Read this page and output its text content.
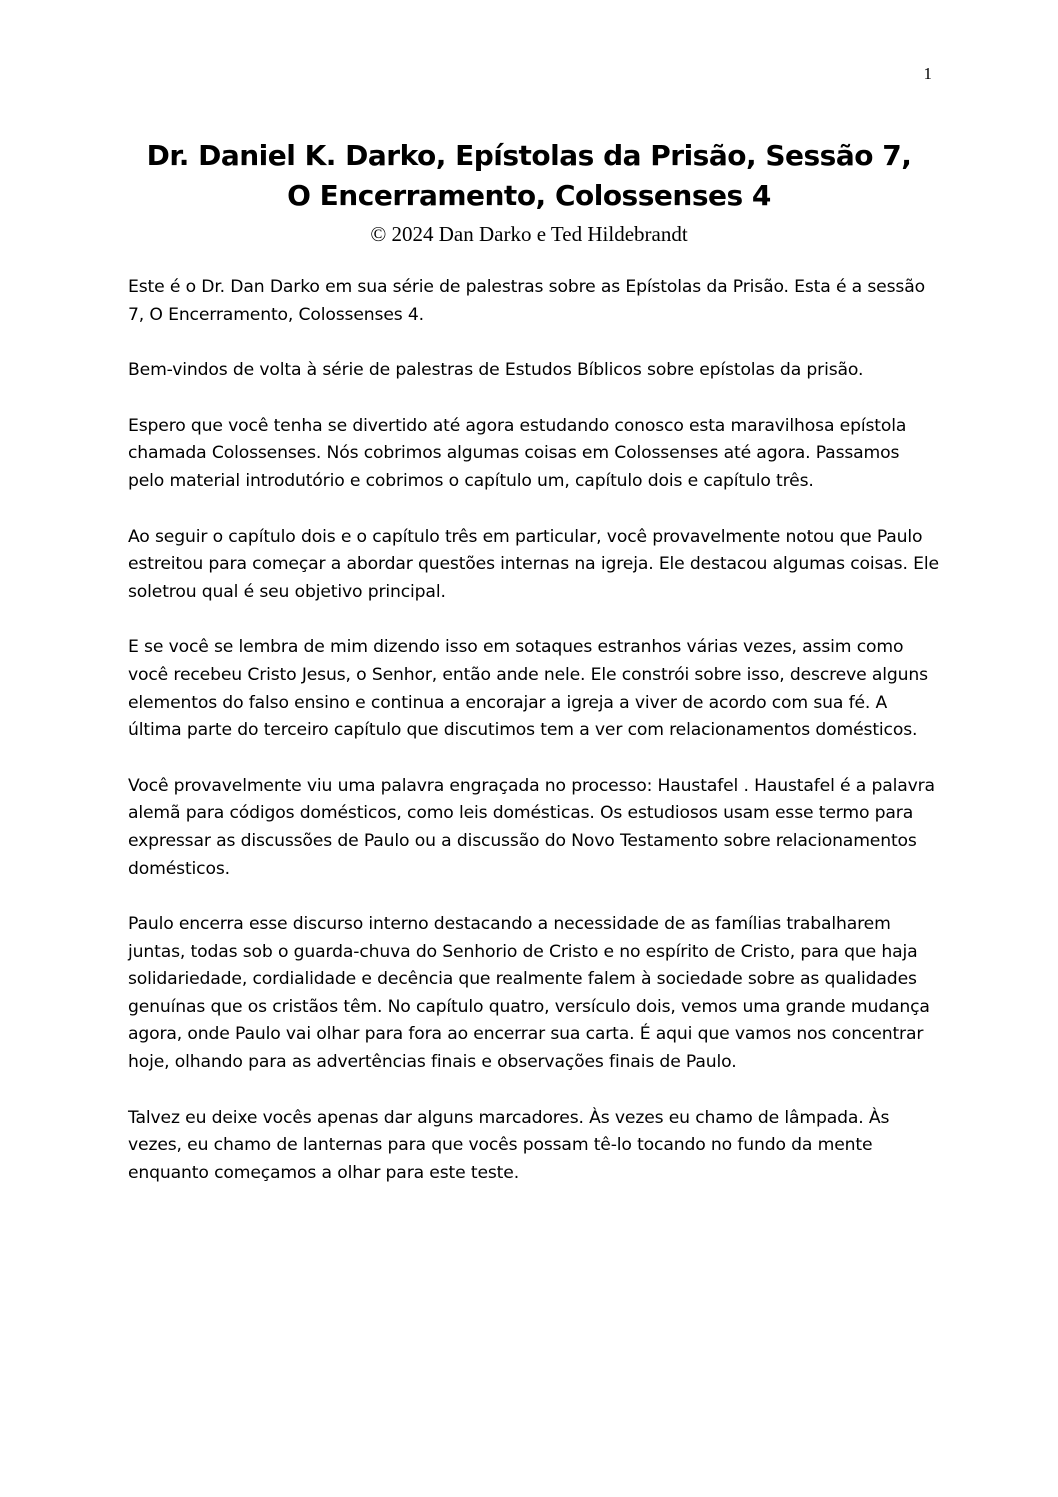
1
Dr. Daniel K. Darko, Epístolas da Prisão, Sessão 7,
O Encerramento, Colossenses 4
© 2024 Dan Darko e Ted Hildebrandt

Este é o Dr. Dan Darko em sua série de palestras sobre as Epístolas da Prisão. Esta é a sessão 7, O Encerramento, Colossenses 4.

Bem-vindos de volta à série de palestras de Estudos Bíblicos sobre epístolas da prisão.

Espero que você tenha se divertido até agora estudando conosco esta maravilhosa epístola chamada Colossenses. Nós cobrimos algumas coisas em Colossenses até agora. Passamos pelo material introdutório e cobrimos o capítulo um, capítulo dois e capítulo três.

Ao seguir o capítulo dois e o capítulo três em particular, você provavelmente notou que Paulo estreitou para começar a abordar questões internas na igreja. Ele destacou algumas coisas. Ele soletrou qual é seu objetivo principal.

E se você se lembra de mim dizendo isso em sotaques estranhos várias vezes, assim como você recebeu Cristo Jesus, o Senhor, então ande nele. Ele constrói sobre isso, descreve alguns elementos do falso ensino e continua a encorajar a igreja a viver de acordo com sua fé. A última parte do terceiro capítulo que discutimos tem a ver com relacionamentos domésticos.

Você provavelmente viu uma palavra engraçada no processo: Haustafel . Haustafel é a palavra alemã para códigos domésticos, como leis domésticas. Os estudiosos usam esse termo para expressar as discussões de Paulo ou a discussão do Novo Testamento sobre relacionamentos domésticos.

Paulo encerra esse discurso interno destacando a necessidade de as famílias trabalharem juntas, todas sob o guarda-chuva do Senhorio de Cristo e no espírito de Cristo, para que haja solidariedade, cordialidade e decência que realmente falem à sociedade sobre as qualidades genuínas que os cristãos têm. No capítulo quatro, versículo dois, vemos uma grande mudança agora, onde Paulo vai olhar para fora ao encerrar sua carta. É aqui que vamos nos concentrar hoje, olhando para as advertências finais e observações finais de Paulo.

Talvez eu deixe vocês apenas dar alguns marcadores. Às vezes eu chamo de lâmpada. Às vezes, eu chamo de lanternas para que vocês possam tê-lo tocando no fundo da mente enquanto começamos a olhar para este teste.
